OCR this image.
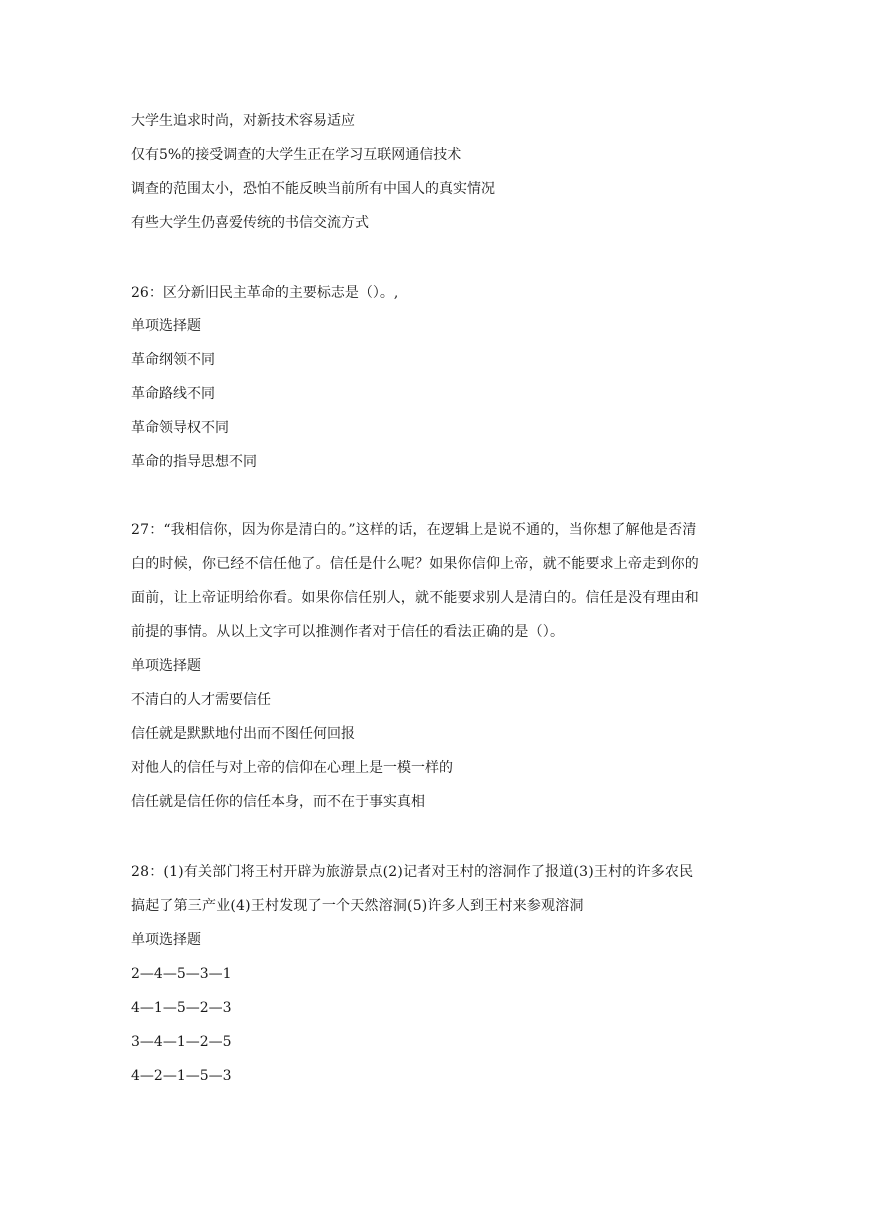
大学生追求时尚，对新技术容易适应
仅有5%的接受调查的大学生正在学习互联网通信技术
调查的范围太小，恐怕不能反映当前所有中国人的真实情况
有些大学生仍喜爱传统的书信交流方式
26：区分新旧民主革命的主要标志是（）。,
单项选择题
革命纲领不同
革命路线不同
革命领导权不同
革命的指导思想不同
27：“我相信你，因为你是清白的。”这样的话，在逻辑上是说不通的，当你想了解他是否清
白的时候，你已经不信任他了。信任是什么呢？如果你信仰上帝，就不能要求上帝走到你的
面前，让上帝证明给你看。如果你信任别人，就不能要求别人是清白的。信任是没有理由和
前提的事情。从以上文字可以推测作者对于信任的看法正确的是（）。
单项选择题
不清白的人才需要信任
信任就是默默地付出而不图任何回报
对他人的信任与对上帝的信仰在心理上是一模一样的
信任就是信任你的信任本身，而不在于事实真相
28：(1)有关部门将王村开辟为旅游景点(2)记者对王村的溶洞作了报道(3)王村的许多农民
搞起了第三产业(4)王村发现了一个天然溶洞(5)许多人到王村来参观溶洞
单项选择题
2—4—5—3—1
4—1—5—2—3
3—4—1—2—5
4—2—1—5—3
